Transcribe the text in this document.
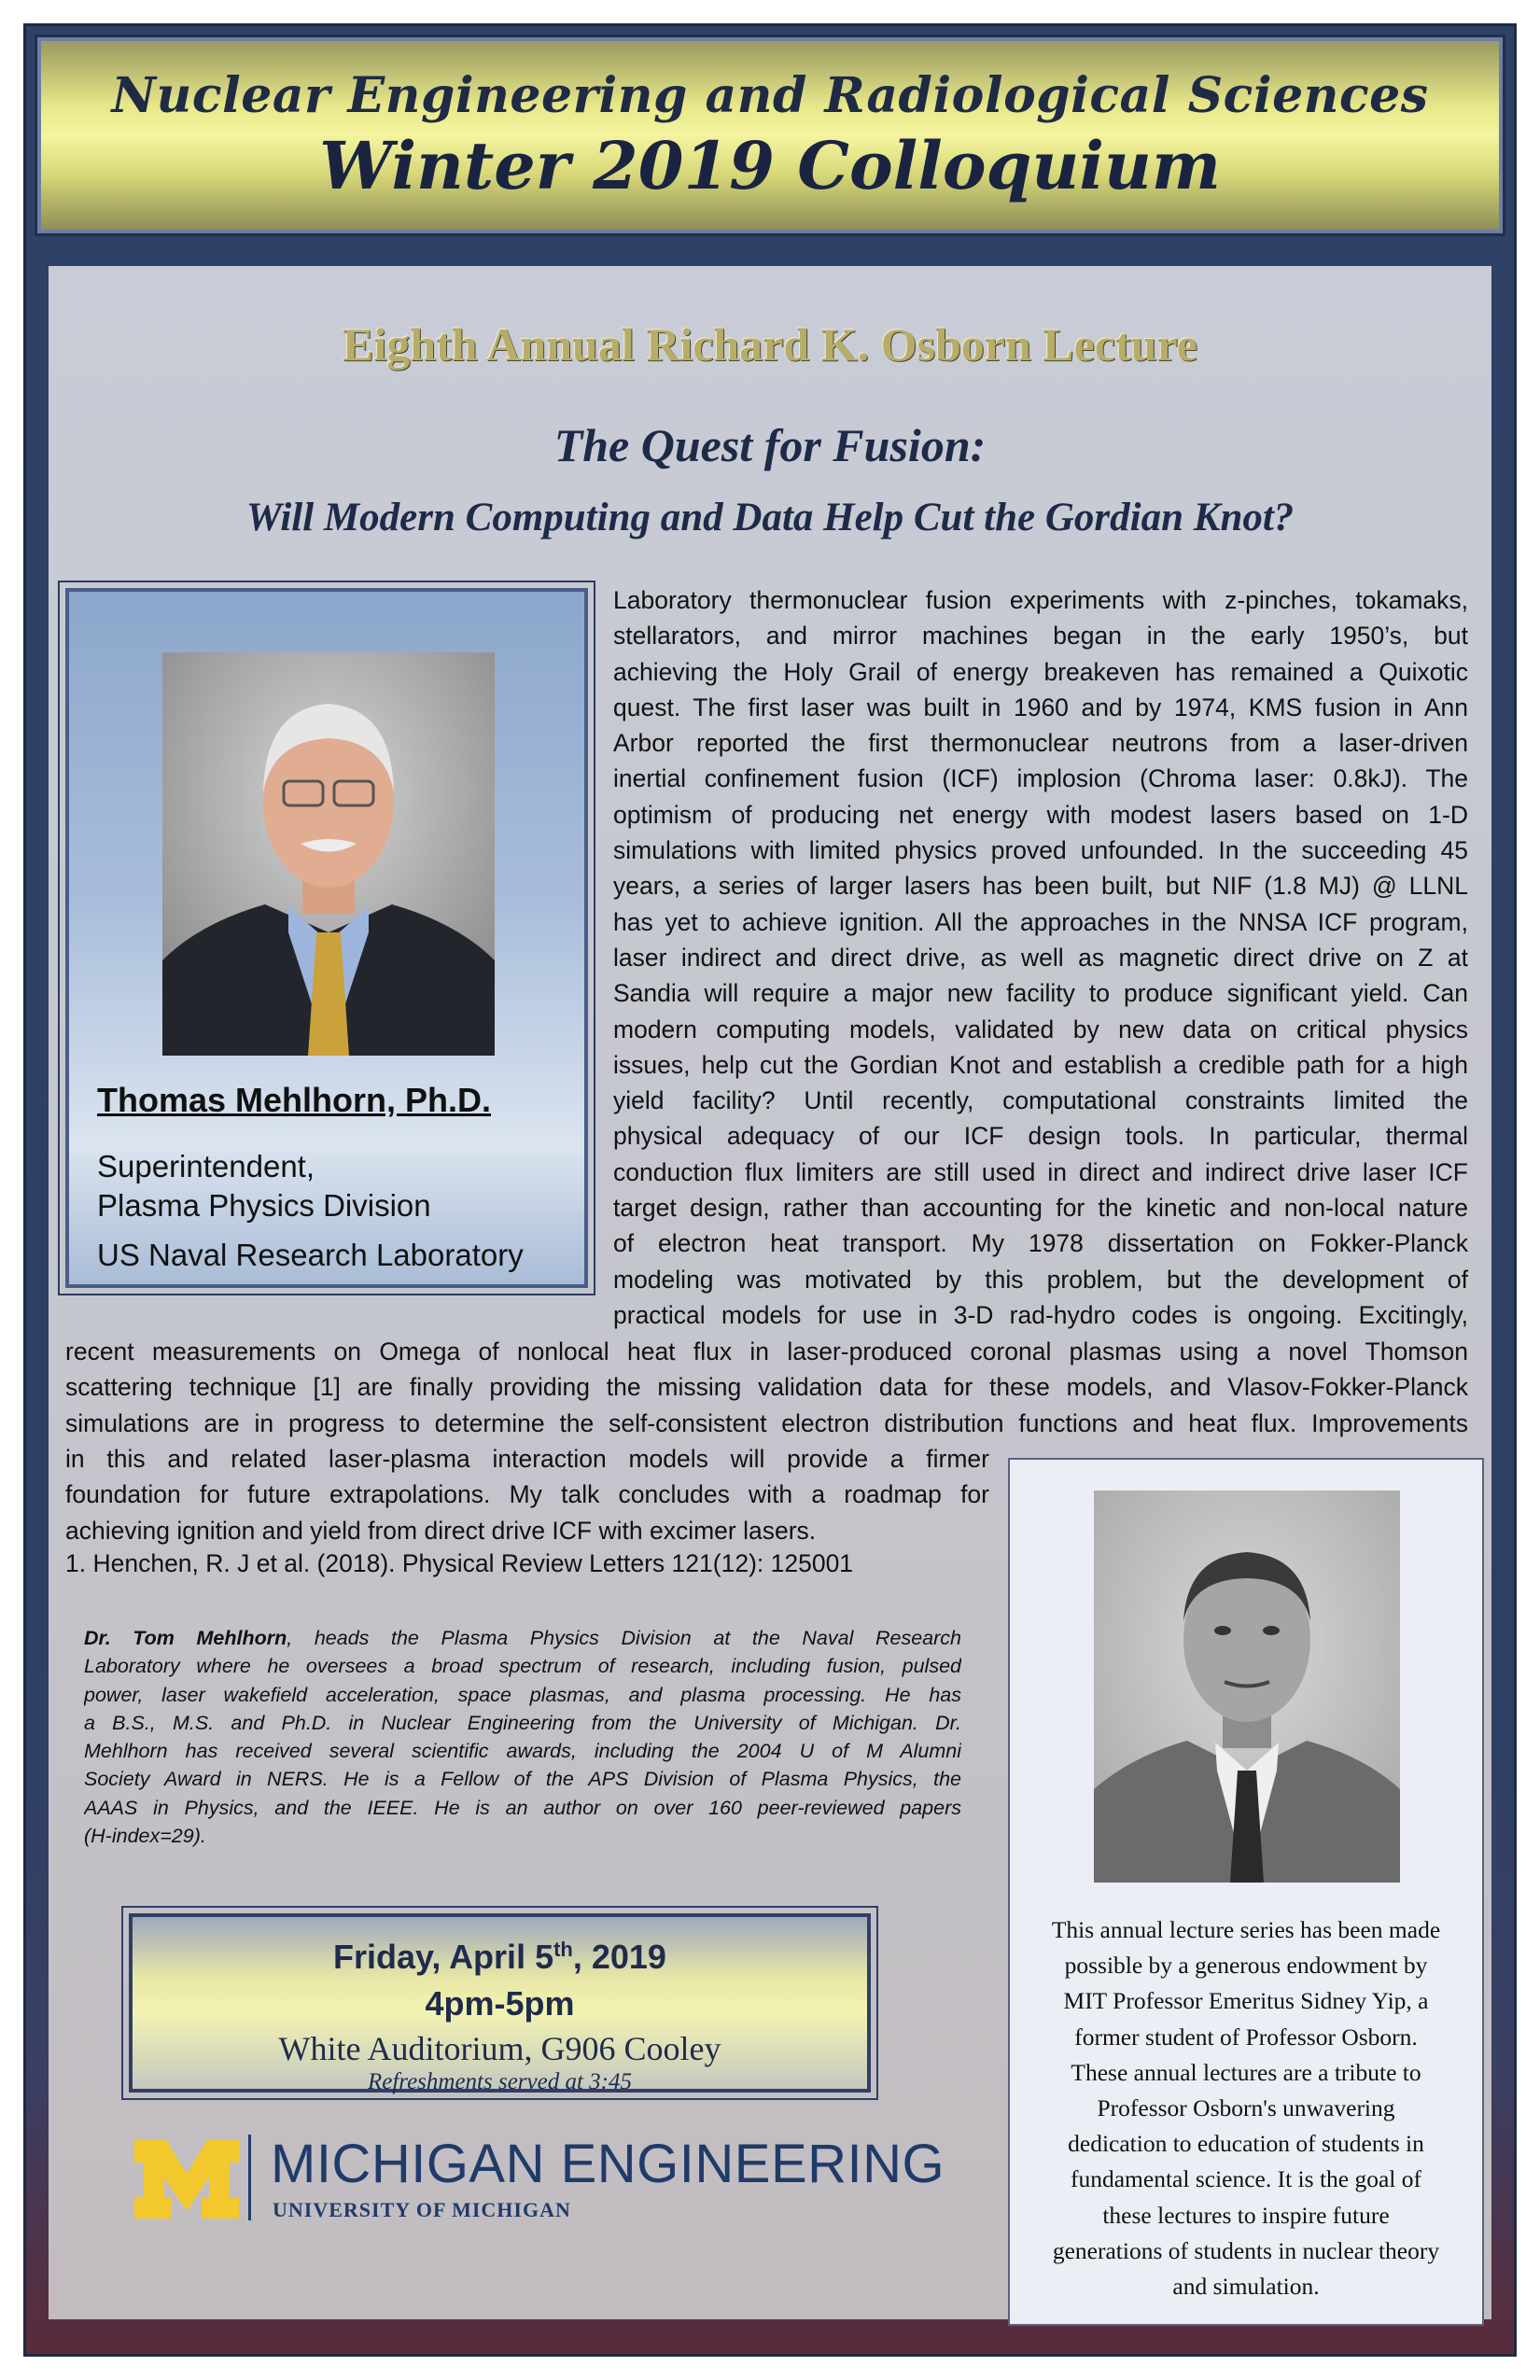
Nuclear Engineering and Radiological Sciences
Winter 2019 Colloquium
Eighth Annual Richard K. Osborn Lecture
The Quest for Fusion:
Will Modern Computing and Data Help Cut the Gordian Knot?
Thomas Mehlhorn, Ph.D.
Superintendent,
Plasma Physics Division
US Naval Research Laboratory
Laboratory thermonuclear fusion experiments with z-pinches, tokamaks,
stellarators, and mirror machines began in the early 1950’s, but
achieving the Holy Grail of energy breakeven has remained a Quixotic
quest. The first laser was built in 1960 and by 1974, KMS fusion in Ann
Arbor reported the first thermonuclear neutrons from a laser-driven
inertial confinement fusion (ICF) implosion (Chroma laser: 0.8kJ). The
optimism of producing net energy with modest lasers based on 1-D
simulations with limited physics proved unfounded. In the succeeding 45
years, a series of larger lasers has been built, but NIF (1.8 MJ) @ LLNL
has yet to achieve ignition. All the approaches in the NNSA ICF program,
laser indirect and direct drive, as well as magnetic direct drive on Z at
Sandia will require a major new facility to produce significant yield. Can
modern computing models, validated by new data on critical physics
issues, help cut the Gordian Knot and establish a credible path for a high
yield facility? Until recently, computational constraints limited the
physical adequacy of our ICF design tools. In particular, thermal
conduction flux limiters are still used in direct and indirect drive laser ICF
target design, rather than accounting for the kinetic and non-local nature
of electron heat transport. My 1978 dissertation on Fokker-Planck
modeling was motivated by this problem, but the development of
practical models for use in 3-D rad-hydro codes is ongoing. Excitingly,
recent measurements on Omega of nonlocal heat flux in laser-produced coronal plasmas using a novel Thomson
scattering technique [1] are finally providing the missing validation data for these models, and Vlasov-Fokker-Planck
simulations are in progress to determine the self-consistent electron distribution functions and heat flux. Improvements
in this and related laser-plasma interaction models will provide a firmer
foundation for future extrapolations. My talk concludes with a roadmap for
achieving ignition and yield from direct drive ICF with excimer lasers.
1. Henchen, R. J et al. (2018). Physical Review Letters 121(12): 125001
Dr. Tom Mehlhorn, heads the Plasma Physics Division at the Naval Research
Laboratory where he oversees a broad spectrum of research, including fusion, pulsed
power, laser wakefield acceleration, space plasmas, and plasma processing. He has
a B.S., M.S. and Ph.D. in Nuclear Engineering from the University of Michigan. Dr.
Mehlhorn has received several scientific awards, including the 2004 U of M Alumni
Society Award in NERS. He is a Fellow of the APS Division of Plasma Physics, the
AAAS in Physics, and the IEEE. He is an author on over 160 peer-reviewed papers
(H-index=29).
Friday, April 5th, 2019
4pm-5pm
White Auditorium, G906 Cooley
Refreshments served at 3:45
MICHIGAN ENGINEERING
UNIVERSITY OF MICHIGAN
This annual lecture series has been made
possible by a generous endowment by
MIT Professor Emeritus Sidney Yip, a
former student of Professor Osborn.
These annual lectures are a tribute to
Professor Osborn's unwavering
dedication to education of students in
fundamental science. It is the goal of
these lectures to inspire future
generations of students in nuclear theory
and simulation.
